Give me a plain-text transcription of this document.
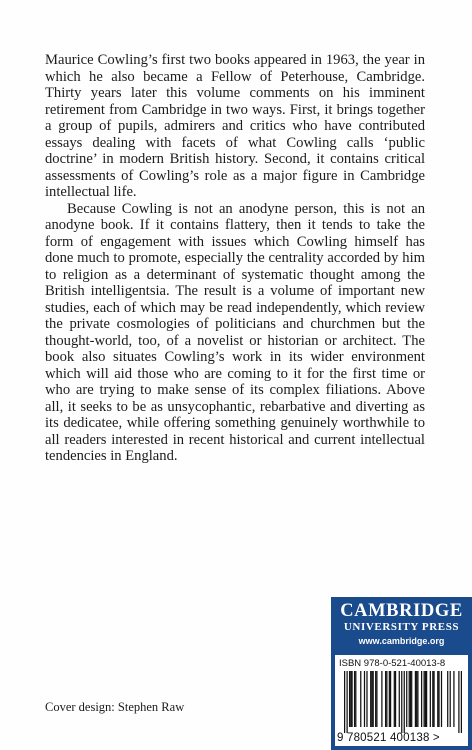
Maurice Cowling’s first two books appeared in 1963, the year in which he also became a Fellow of Peterhouse, Cambridge. Thirty years later this volume comments on his imminent retirement from Cambridge in two ways. First, it brings together a group of pupils, admirers and critics who have contributed essays dealing with facets of what Cowling calls ‘public doctrine’ in modern British history. Second, it contains critical assessments of Cowling’s role as a major figure in Cambridge intellectual life.

Because Cowling is not an anodyne person, this is not an anodyne book. If it contains flattery, then it tends to take the form of engagement with issues which Cowling himself has done much to promote, especially the centrality accorded by him to religion as a determinant of systematic thought among the British intelligentsia. The result is a volume of important new studies, each of which may be read independently, which review the private cosmologies of politicians and churchmen but the thought-world, too, of a novelist or historian or architect. The book also situates Cowling’s work in its wider environment which will aid those who are coming to it for the first time or who are trying to make sense of its complex filiations. Above all, it seeks to be as unsycophantic, rebarbative and diverting as its dedicatee, while offering something genuinely worthwhile to all readers interested in recent historical and current intellectual tendencies in England.

Cover design: Stephen Raw
CAMBRIDGE
UNIVERSITY PRESS
www.cambridge.org
ISBN 978-0-521-40013-8
9 780521 400138 >
